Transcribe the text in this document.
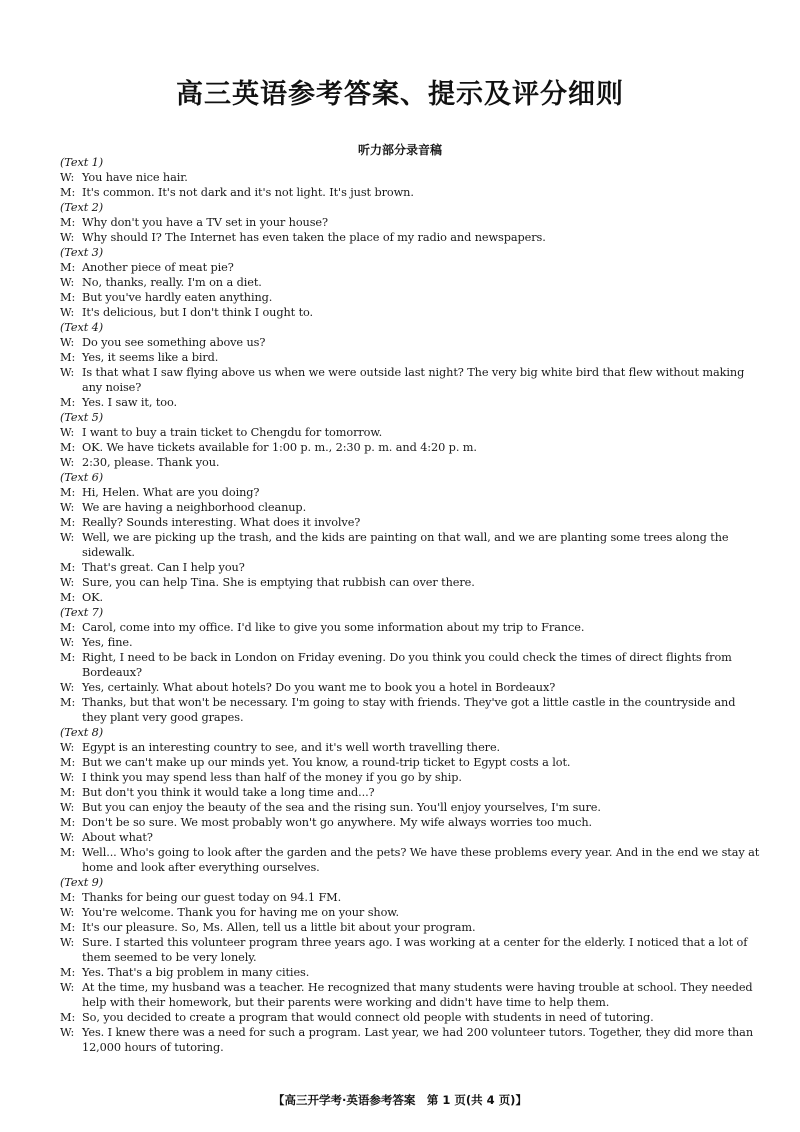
高三英语参考答案、提示及评分细则
听力部分录音稿
(Text 1)
W: You have nice hair.
M: It's common. It's not dark and it's not light. It's just brown.
(Text 2)
M: Why don't you have a TV set in your house?
W: Why should I? The Internet has even taken the place of my radio and newspapers.
(Text 3)
M: Another piece of meat pie?
W: No, thanks, really. I'm on a diet.
M: But you've hardly eaten anything.
W: It's delicious, but I don't think I ought to.
(Text 4)
W: Do you see something above us?
M: Yes, it seems like a bird.
W: Is that what I saw flying above us when we were outside last night? The very big white bird that flew without making any noise?
M: Yes. I saw it, too.
(Text 5)
W: I want to buy a train ticket to Chengdu for tomorrow.
M: OK. We have tickets available for 1:00 p. m., 2:30 p. m. and 4:20 p. m.
W: 2:30, please. Thank you.
(Text 6)
M: Hi, Helen. What are you doing?
W: We are having a neighborhood cleanup.
M: Really? Sounds interesting. What does it involve?
W: Well, we are picking up the trash, and the kids are painting on that wall, and we are planting some trees along the sidewalk.
M: That's great. Can I help you?
W: Sure, you can help Tina. She is emptying that rubbish can over there.
M: OK.
(Text 7)
M: Carol, come into my office. I'd like to give you some information about my trip to France.
W: Yes, fine.
M: Right, I need to be back in London on Friday evening. Do you think you could check the times of direct flights from Bordeaux?
W: Yes, certainly. What about hotels? Do you want me to book you a hotel in Bordeaux?
M: Thanks, but that won't be necessary. I'm going to stay with friends. They've got a little castle in the countryside and they plant very good grapes.
(Text 8)
W: Egypt is an interesting country to see, and it's well worth travelling there.
M: But we can't make up our minds yet. You know, a round-trip ticket to Egypt costs a lot.
W: I think you may spend less than half of the money if you go by ship.
M: But don't you think it would take a long time and...?
W: But you can enjoy the beauty of the sea and the rising sun. You'll enjoy yourselves, I'm sure.
M: Don't be so sure. We most probably won't go anywhere. My wife always worries too much.
W: About what?
M: Well... Who's going to look after the garden and the pets? We have these problems every year. And in the end we stay at home and look after everything ourselves.
(Text 9)
M: Thanks for being our guest today on 94.1 FM.
W: You're welcome. Thank you for having me on your show.
M: It's our pleasure. So, Ms. Allen, tell us a little bit about your program.
W: Sure. I started this volunteer program three years ago. I was working at a center for the elderly. I noticed that a lot of them seemed to be very lonely.
M: Yes. That's a big problem in many cities.
W: At the time, my husband was a teacher. He recognized that many students were having trouble at school. They needed help with their homework, but their parents were working and didn't have time to help them.
M: So, you decided to create a program that would connect old people with students in need of tutoring.
W: Yes. I knew there was a need for such a program. Last year, we had 200 volunteer tutors. Together, they did more than 12,000 hours of tutoring.
【高三开学考·英语参考答案　第 1 页(共 4 页)】
